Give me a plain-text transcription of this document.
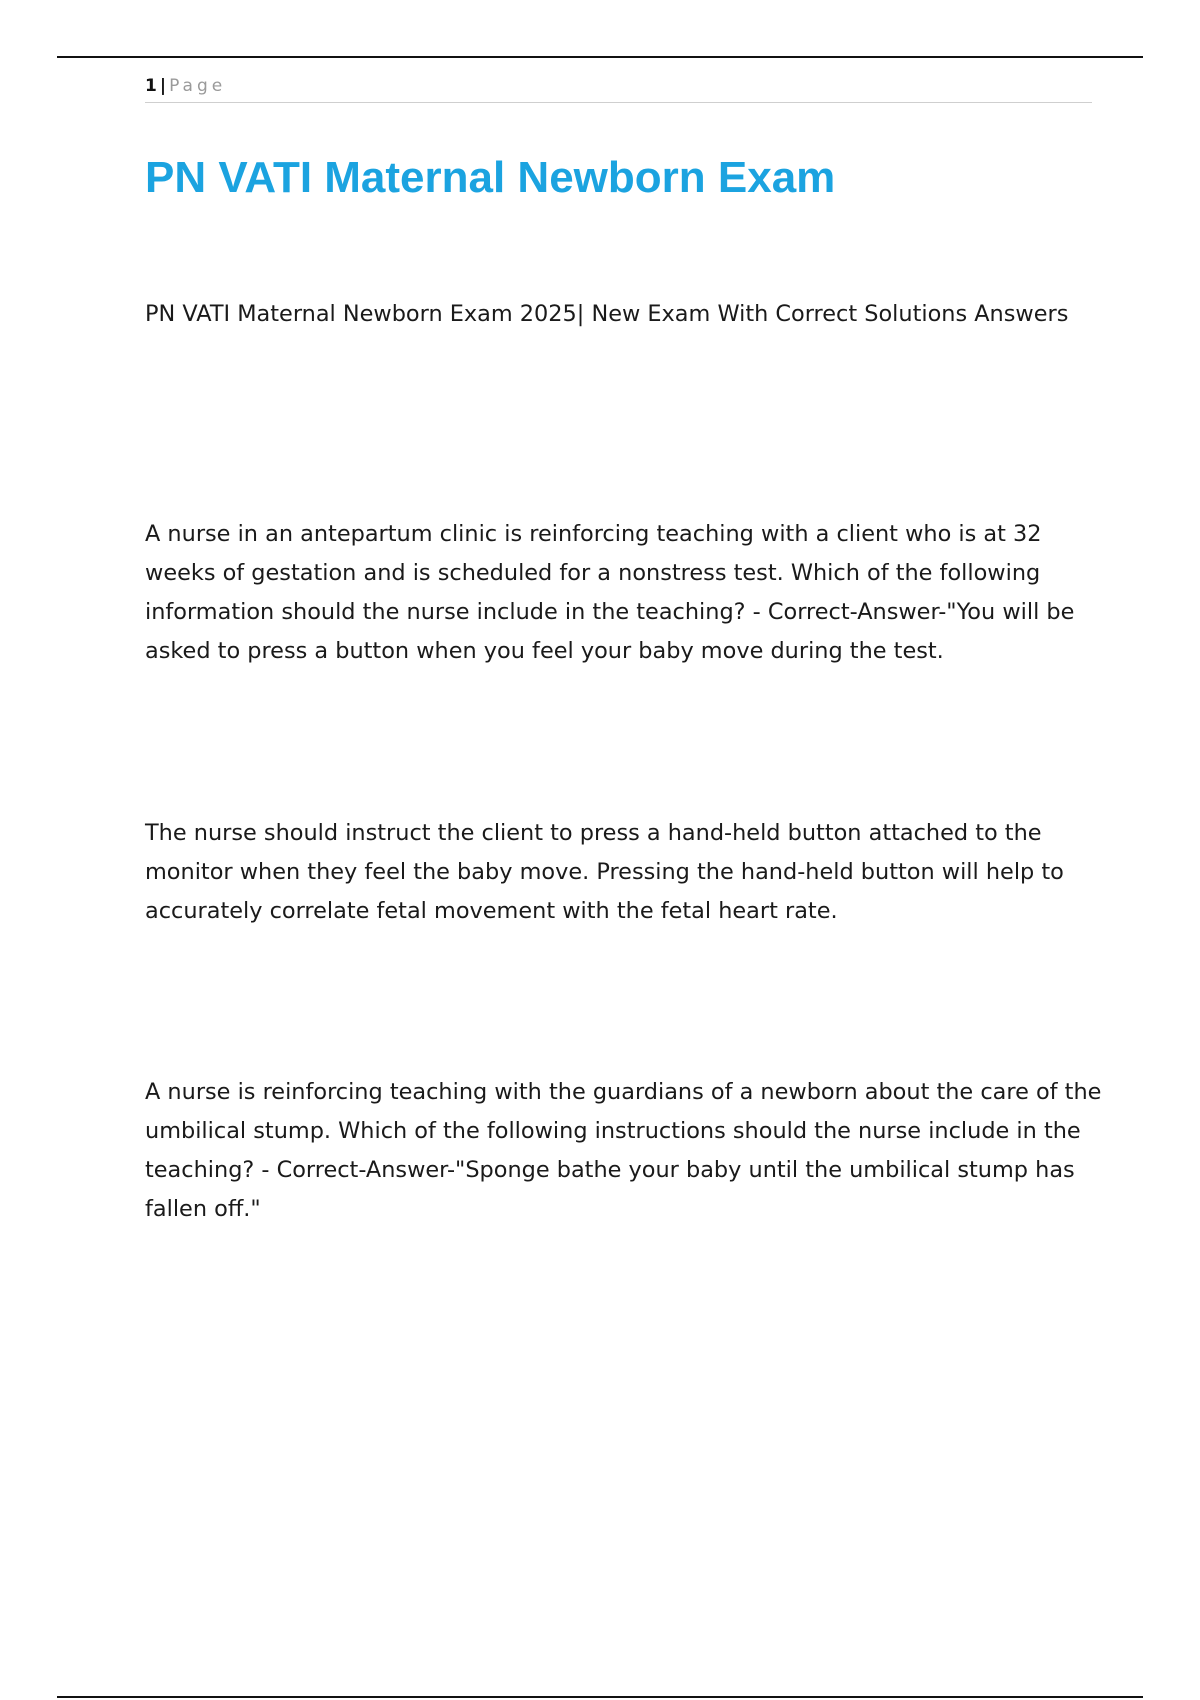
1 | Page
PN VATI Maternal Newborn Exam

PN VATI Maternal Newborn Exam 2025| New Exam With Correct Solutions Answers

A nurse in an antepartum clinic is reinforcing teaching with a client who is at 32 weeks of gestation and is scheduled for a nonstress test. Which of the following information should the nurse include in the teaching? - Correct-Answer-"You will be asked to press a button when you feel your baby move during the test.

The nurse should instruct the client to press a hand-held button attached to the monitor when they feel the baby move. Pressing the hand-held button will help to accurately correlate fetal movement with the fetal heart rate.

A nurse is reinforcing teaching with the guardians of a newborn about the care of the umbilical stump. Which of the following instructions should the nurse include in the teaching? - Correct-Answer-"Sponge bathe your baby until the umbilical stump has fallen off."
